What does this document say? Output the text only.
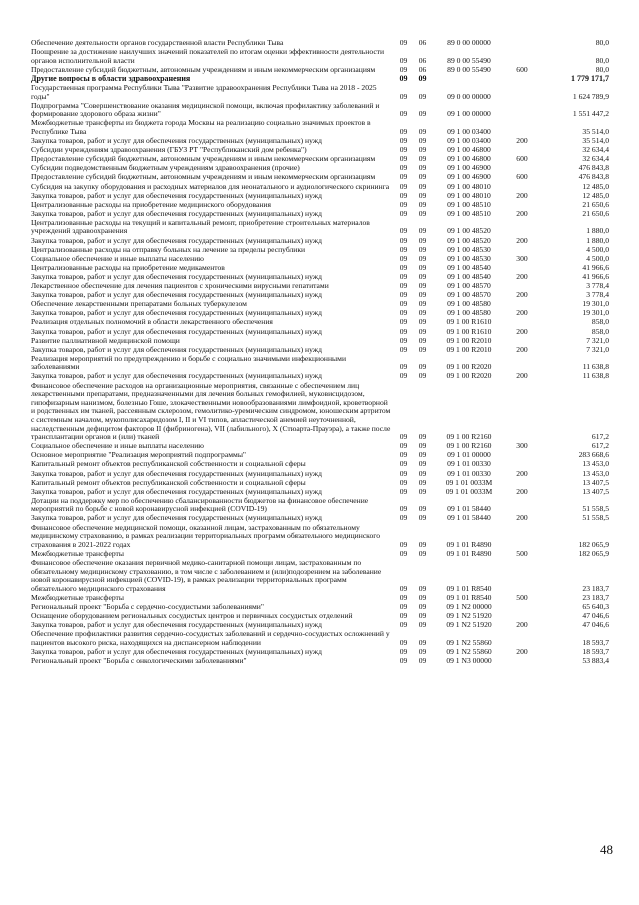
Обеспечение деятельности органов государственной власти Республики Тыва	09	06	89 0 00 00000	80,0
Поощрение за достижение наилучших значений показателей по итогам оценки эффективности деятельности органов исполнительной власти	09	06	89 0 00 55490	80,0
Предоставление субсидий бюджетным, автономным учреждениям и иным некоммерческим организациям	09	06	89 0 00 55490	600	80,0
Другие вопросы в области здравоохранения	09	09	1 779 171,7
Государственная программа Республики Тыва "Развитие здравоохранения Республики Тыва на 2018 - 2025 годы"	09	09	09 0 00 00000	1 624 789,9
Подпрограмма "Совершенствование оказания медицинской помощи, включая профилактику заболеваний и формирование здорового образа жизни"	09	09	09 1 00 00000	1 551 447,2
Межбюджетные трансферты из бюджета города Москвы на реализацию социально значимых проектов в Республике Тыва	09	09	09 1 00 03400	35 514,0
Закупка товаров, работ и услуг для обеспечения государственных (муниципальных) нужд	09	09	09 1 00 03400	200	35 514,0
Субсидии учреждениям здравоохранения (ГБУЗ РТ "Республиканский дом ребенка")	09	09	09 1 00 46800	32 634,4
Предоставление субсидий бюджетным, автономным учреждениям и иным некоммерческим организациям	09	09	09 1 00 46800	600	32 634,4
Субсидии подведомственным бюджетным учреждениям здравоохранения (прочие)	09	09	09 1 00 46900	476 843,8
Предоставление субсидий бюджетным, автономным учреждениям и иным некоммерческим организациям	09	09	09 1 00 46900	600	476 843,8
Субсидия на закупку оборудования и расходных материалов для неонатального и аудиологического скрининга	09	09	09 1 00 48010	12 485,0
Закупка товаров, работ и услуг для обеспечения государственных (муниципальных) нужд	09	09	09 1 00 48010	200	12 485,0
Централизованные расходы на приобретение медицинского оборудования	09	09	09 1 00 48510	21 650,6
Закупка товаров, работ и услуг для обеспечения государственных (муниципальных) нужд	09	09	09 1 00 48510	200	21 650,6
Централизованные расходы на текущий и капитальный ремонт, приобретение строительных материалов учреждений здравоохранения	09	09	09 1 00 48520	1 880,0
Закупка товаров, работ и услуг для обеспечения государственных (муниципальных) нужд	09	09	09 1 00 48520	200	1 880,0
Централизованные расходы на отправку больных на лечение за пределы республики	09	09	09 1 00 48530	4 500,0
Социальное обеспечение и иные выплаты населению	09	09	09 1 00 48530	300	4 500,0
Централизованные расходы на приобретение медикаментов	09	09	09 1 00 48540	41 966,6
Закупка товаров, работ и услуг для обеспечения государственных (муниципальных) нужд	09	09	09 1 00 48540	200	41 966,6
Лекарственное обеспечение для лечения пациентов с хроническими вирусными гепатитами	09	09	09 1 00 48570	3 778,4
Закупка товаров, работ и услуг для обеспечения государственных (муниципальных) нужд	09	09	09 1 00 48570	200	3 778,4
Обеспечение лекарственными препаратами больных туберкулезом	09	09	09 1 00 48580	19 301,0
Закупка товаров, работ и услуг для обеспечения государственных (муниципальных) нужд	09	09	09 1 00 48580	200	19 301,0
Реализация отдельных полномочий в области лекарственного обеспечения	09	09	09 1 00 R1610	858,0
Закупка товаров, работ и услуг для обеспечения государственных (муниципальных) нужд	09	09	09 1 00 R1610	200	858,0
Развитие паллиативной медицинской помощи	09	09	09 1 00 R2010	7 321,0
Закупка товаров, работ и услуг для обеспечения государственных (муниципальных) нужд	09	09	09 1 00 R2010	200	7 321,0
Реализация мероприятий по предупреждению и борьбе с социально значимыми инфекционными заболеваниями	09	09	09 1 00 R2020	11 638,8
Закупка товаров, работ и услуг для обеспечения государственных (муниципальных) нужд	09	09	09 1 00 R2020	200	11 638,8
Финансовое обеспечение расходов на организационные мероприятия, связанные с обеспечением лиц лекарственными препаратами, предназначенными для лечения больных гемофилией, муковисцидозом, гипофизарным нанизмом, болезнью Гоше, злокачественными новообразованиями лимфоидной, кроветворной и родственных им тканей, рассеянным склерозом, гемолитико-уремическим синдромом, юношеским артритом с системным началом, мукополисахаридозом I, II и VI типов, апластической анемией неуточненной, наследственным дефицитом факторов II (фибриногена), VII (лабильного), X (Стюарта-Прауэра), а также после трансплантации органов и (или) тканей	09	09	09 1 00 R2160	617,2
Социальное обеспечение и иные выплаты населению	09	09	09 1 00 R2160	300	617,2
Основное мероприятие "Реализация мероприятий подпрограммы"	09	09	09 1 01 00000	283 668,6
Капитальный ремонт объектов республиканской собственности и социальной сферы	09	09	09 1 01 00330	13 453,0
Закупка товаров, работ и услуг для обеспечения государственных (муниципальных) нужд	09	09	09 1 01 00330	200	13 453,0
Капитальный ремонт объектов республиканской собственности и социальной сферы	09	09	09 1 01 0033M	13 407,5
Закупка товаров, работ и услуг для обеспечения государственных (муниципальных) нужд	09	09	09 1 01 0033M	200	13 407,5
Дотации на поддержку мер по обеспечению сбалансированности бюджетов на финансовое обеспечение мероприятий по борьбе с новой коронавирусной инфекцией (COVID-19)	09	09	09 1 01 58440	51 558,5
Закупка товаров, работ и услуг для обеспечения государственных (муниципальных) нужд	09	09	09 1 01 58440	200	51 558,5
Финансовое обеспечение медицинской помощи, оказанной лицам, застрахованным по обязательному медицинскому страхованию, в рамках реализации территориальных программ обязательного медицинского страхования в 2021-2022 годах	09	09	09 1 01 R4890	182 065,9
Межбюджетные трансферты	09	09	09 1 01 R4890	500	182 065,9
Финансовое обеспечение оказания первичной медико-санитарной помощи лицам, застрахованным по обязательному медицинскому страхованию, в том числе с заболеванием и (или)подозрением на заболевание новой коронавирусной инфекцией (COVID-19), в рамках реализации территориальных программ обязательного медицинского страхования	09	09	09 1 01 R8540	23 183,7
Межбюджетные трансферты	09	09	09 1 01 R8540	500	23 183,7
Региональный проект "Борьба с сердечно-сосудистыми заболеваниями"	09	09	09 1 N2 00000	65 640,3
Оснащение оборудованием региональных сосудистых центров и первичных сосудистых отделений	09	09	09 1 N2 51920	47 046,6
Закупка товаров, работ и услуг для обеспечения государственных (муниципальных) нужд	09	09	09 1 N2 51920	200	47 046,6
Обеспечение профилактики развития сердечно-сосудистых заболеваний и сердечно-сосудистых осложнений у пациентов высокого риска, находящихся на диспансерном наблюдении	09	09	09 1 N2 55860	18 593,7
Закупка товаров, работ и услуг для обеспечения государственных (муниципальных) нужд	09	09	09 1 N2 55860	200	18 593,7
Региональный проект "Борьба с онкологическими заболеваниями"	09	09	09 1 N3 00000	53 883,4
48
